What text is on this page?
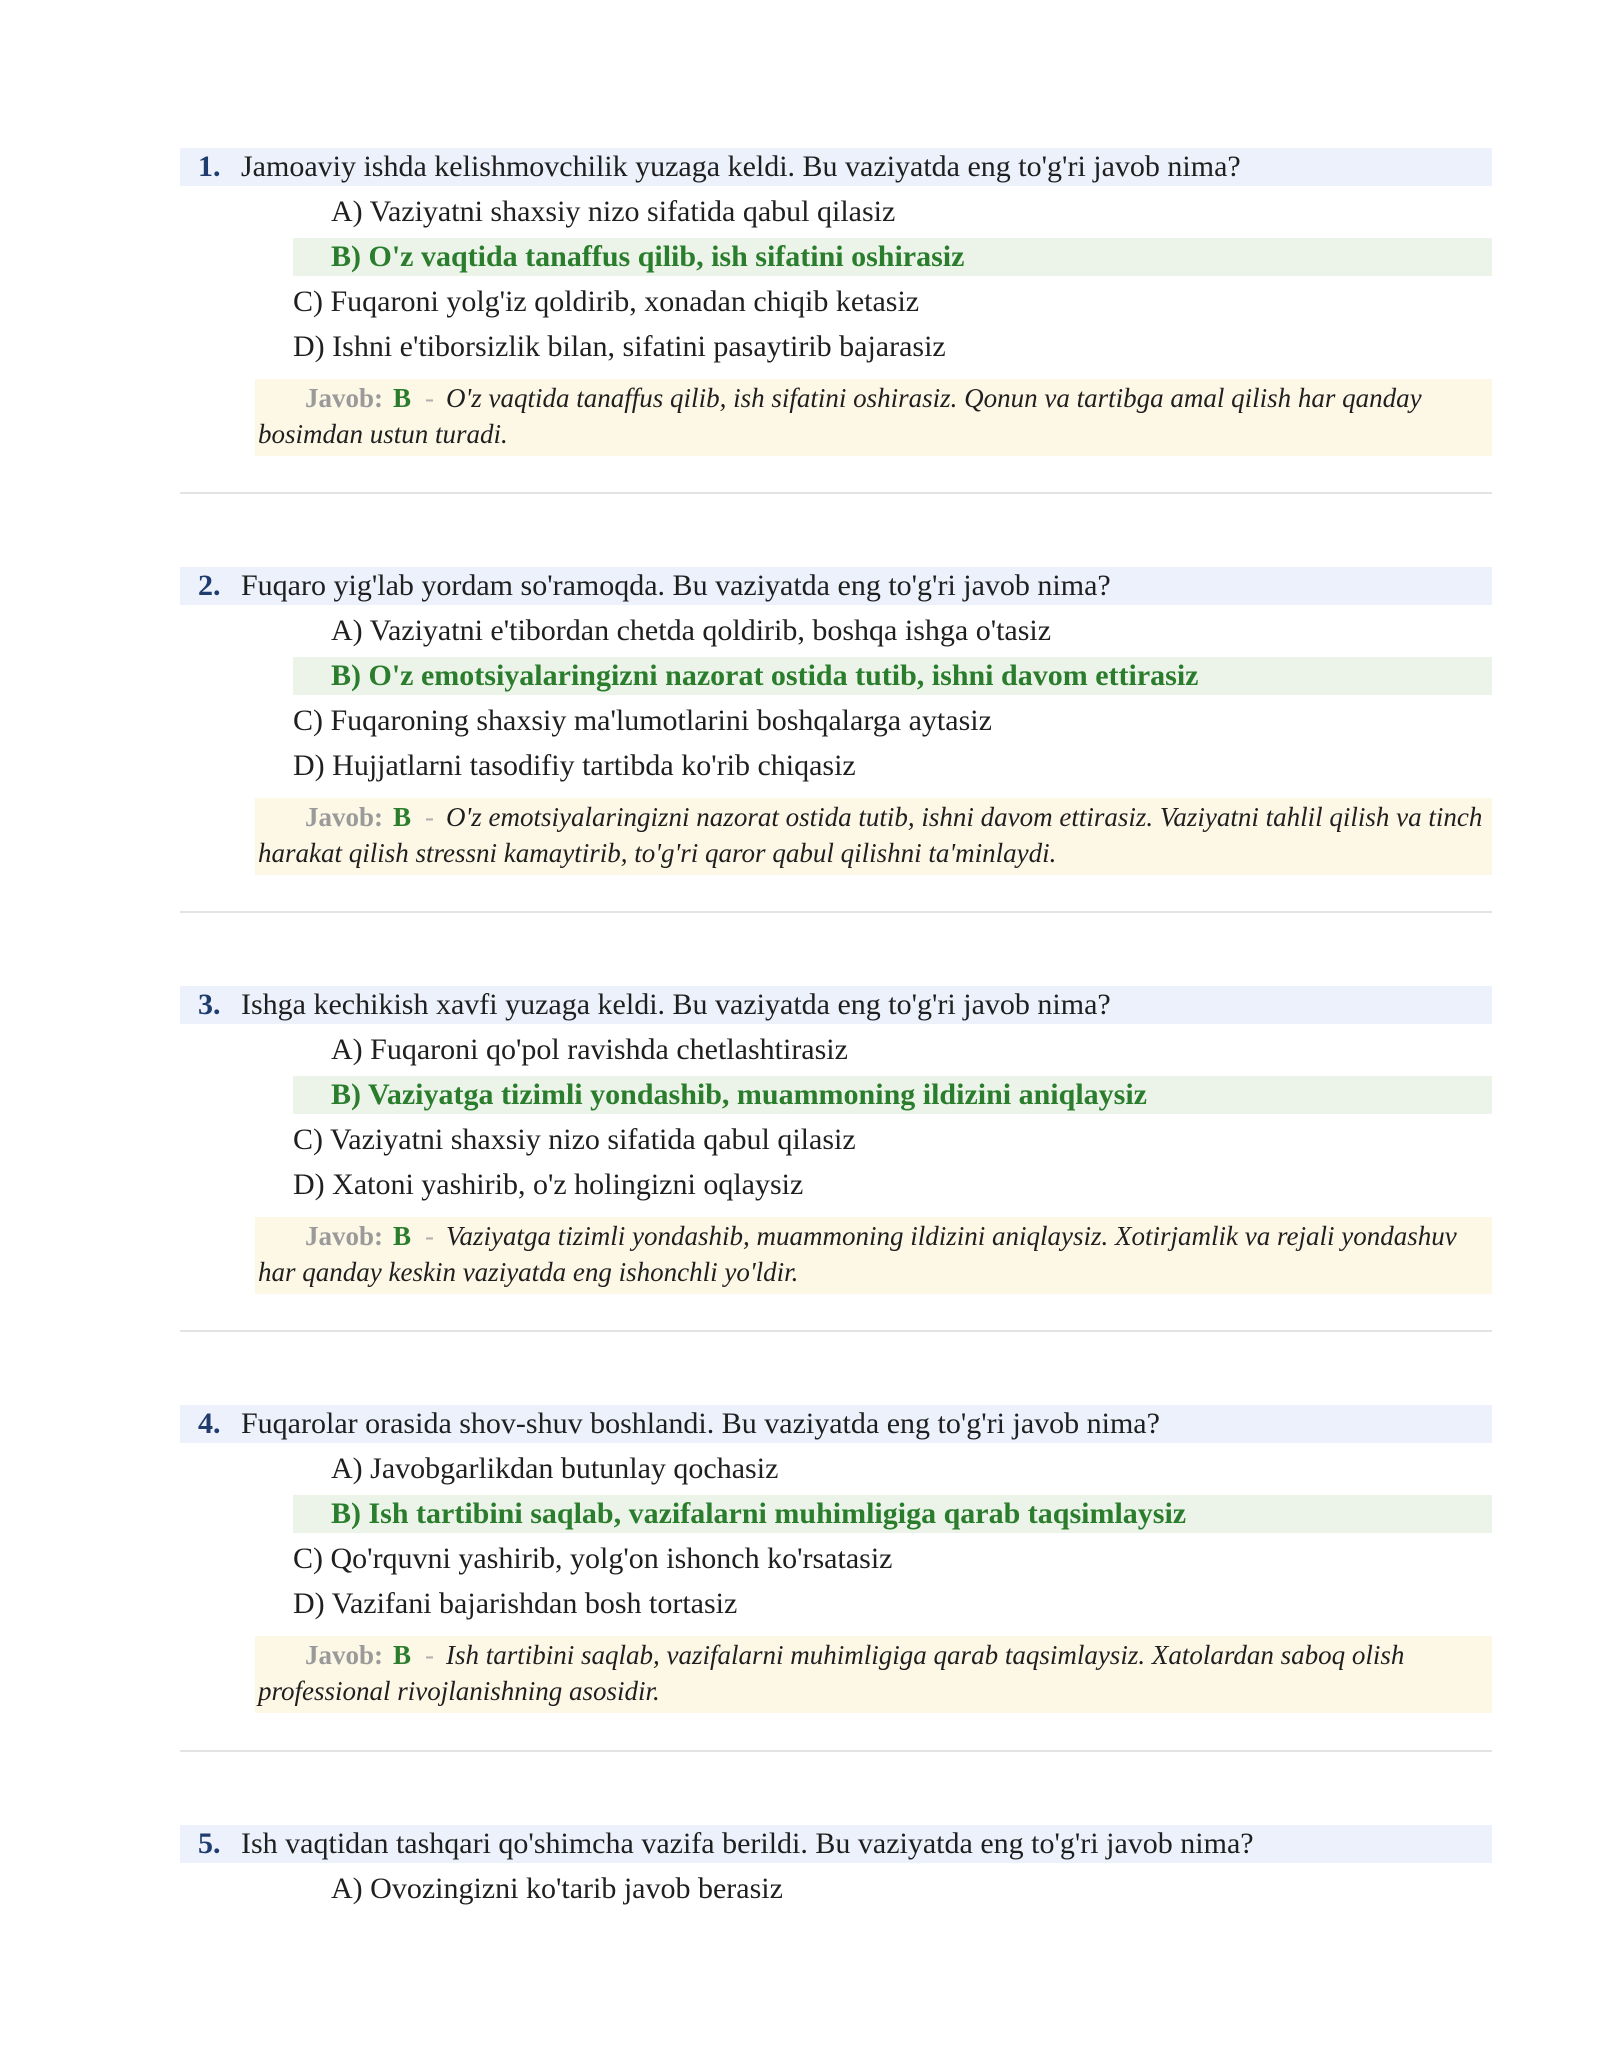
1. Jamoaviy ishda kelishmovchilik yuzaga keldi. Bu vaziyatda eng to'g'ri javob nima?
A) Vaziyatni shaxsiy nizo sifatida qabul qilasiz
B) O'z vaqtida tanaffus qilib, ish sifatini oshirasiz
C) Fuqaroni yolg'iz qoldirib, xonadan chiqib ketasiz
D) Ishni e'tiborsizlik bilan, sifatini pasaytirib bajarasiz
Javob: B - O'z vaqtida tanaffus qilib, ish sifatini oshirasiz. Qonun va tartibga amal qilish har qanday bosimdan ustun turadi.
2. Fuqaro yig'lab yordam so'ramoqda. Bu vaziyatda eng to'g'ri javob nima?
A) Vaziyatni e'tibordan chetda qoldirib, boshqa ishga o'tasiz
B) O'z emotsiyalaringizni nazorat ostida tutib, ishni davom ettirasiz
C) Fuqaroning shaxsiy ma'lumotlarini boshqalarga aytasiz
D) Hujjatlarni tasodifiy tartibda ko'rib chiqasiz
Javob: B - O'z emotsiyalaringizni nazorat ostida tutib, ishni davom ettirasiz. Vaziyatni tahlil qilish va tinch harakat qilish stressni kamaytirib, to'g'ri qaror qabul qilishni ta'minlaydi.
3. Ishga kechikish xavfi yuzaga keldi. Bu vaziyatda eng to'g'ri javob nima?
A) Fuqaroni qo'pol ravishda chetlashtirasiz
B) Vaziyatga tizimli yondashib, muammoning ildizini aniqlaysiz
C) Vaziyatni shaxsiy nizo sifatida qabul qilasiz
D) Xatoni yashirib, o'z holingizni oqlaysiz
Javob: B - Vaziyatga tizimli yondashib, muammoning ildizini aniqlaysiz. Xotirjamlik va rejali yondashuv har qanday keskin vaziyatda eng ishonchli yo'ldir.
4. Fuqarolar orasida shov-shuv boshlandi. Bu vaziyatda eng to'g'ri javob nima?
A) Javobgarlikdan butunlay qochasiz
B) Ish tartibini saqlab, vazifalarni muhimligiga qarab taqsimlaysiz
C) Qo'rquvni yashirib, yolg'on ishonch ko'rsatasiz
D) Vazifani bajarishdan bosh tortasiz
Javob: B - Ish tartibini saqlab, vazifalarni muhimligiga qarab taqsimlaysiz. Xatolardan saboq olish professional rivojlanishning asosidir.
5. Ish vaqtidan tashqari qo'shimcha vazifa berildi. Bu vaziyatda eng to'g'ri javob nima?
A) Ovozingizni ko'tarib javob berasiz
